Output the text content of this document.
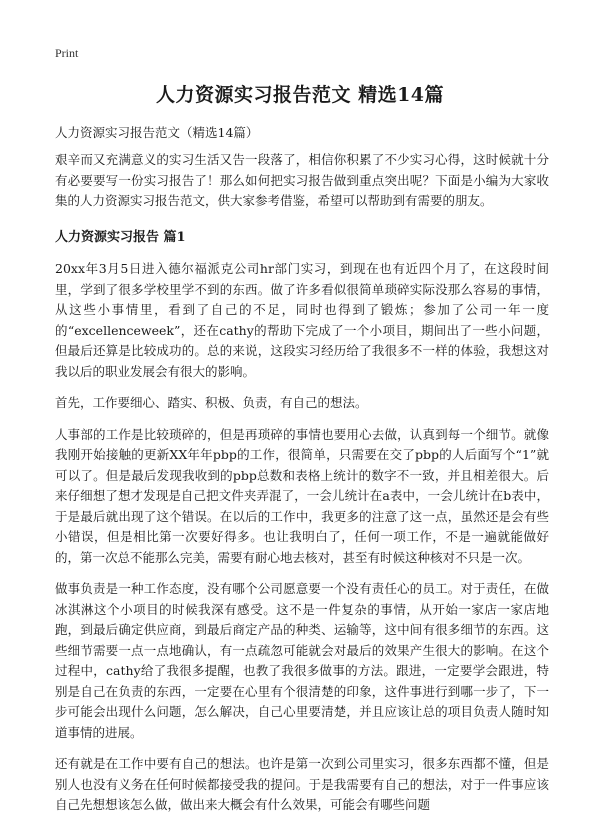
Print
人力资源实习报告范文 精选14篇
人力资源实习报告范文（精选14篇）

艰辛而又充满意义的实习生活又告一段落了，相信你积累了不少实习心得，这时候就十分有必要要写一份实习报告了！那么如何把实习报告做到重点突出呢？下面是小编为大家收集的人力资源实习报告范文，供大家参考借鉴，希望可以帮助到有需要的朋友。

人力资源实习报告 篇1

20xx年3月5日进入德尔福派克公司hr部门实习，到现在也有近四个月了，在这段时间里，学到了很多学校里学不到的东西。做了许多看似很简单琐碎实际没那么容易的事情，从这些小事情里，看到了自己的不足，同时也得到了锻炼；参加了公司一年一度的“excellenceweek”，还在cathy的帮助下完成了一个小项目，期间出了一些小问题，但最后还算是比较成功的。总的来说，这段实习经历给了我很多不一样的体验，我想这对我以后的职业发展会有很大的影响。

首先，工作要细心、踏实、积极、负责，有自己的想法。

人事部的工作是比较琐碎的，但是再琐碎的事情也要用心去做，认真到每一个细节。就像我刚开始接触的更新XX年年pbp的工作，很简单，只需要在交了pbp的人后面写个“1”就可以了。但是最后发现我收到的pbp总数和表格上统计的数字不一致，并且相差很大。后来仔细想了想才发现是自己把文件夹弄混了，一会儿统计在a表中，一会儿统计在b表中，于是最后就出现了这个错误。在以后的工作中，我更多的注意了这一点，虽然还是会有些小错误，但是相比第一次要好得多。也让我明白了，任何一项工作，不是一遍就能做好的，第一次总不能那么完美，需要有耐心地去核对，甚至有时候这种核对不只是一次。

做事负责是一种工作态度，没有哪个公司愿意要一个没有责任心的员工。对于责任，在做冰淇淋这个小项目的时候我深有感受。这不是一件复杂的事情，从开始一家店一家店地跑，到最后确定供应商，到最后商定产品的种类、运输等，这中间有很多细节的东西。这些细节需要一点一点地确认，有一点疏忽可能就会对最后的效果产生很大的影响。在这个过程中，cathy给了我很多提醒，也教了我很多做事的方法。跟进，一定要学会跟进，特别是自己在负责的东西，一定要在心里有个很清楚的印象，这件事进行到哪一步了，下一步可能会出现什么问题，怎么解决，自己心里要清楚，并且应该让总的项目负责人随时知道事情的进展。

还有就是在工作中要有自己的想法。也许是第一次到公司里实习，很多东西都不懂，但是别人也没有义务在任何时候都接受我的提问。于是我需要有自己的想法，对于一件事应该自己先想想该怎么做，做出来大概会有什么效果，可能会有哪些问题
